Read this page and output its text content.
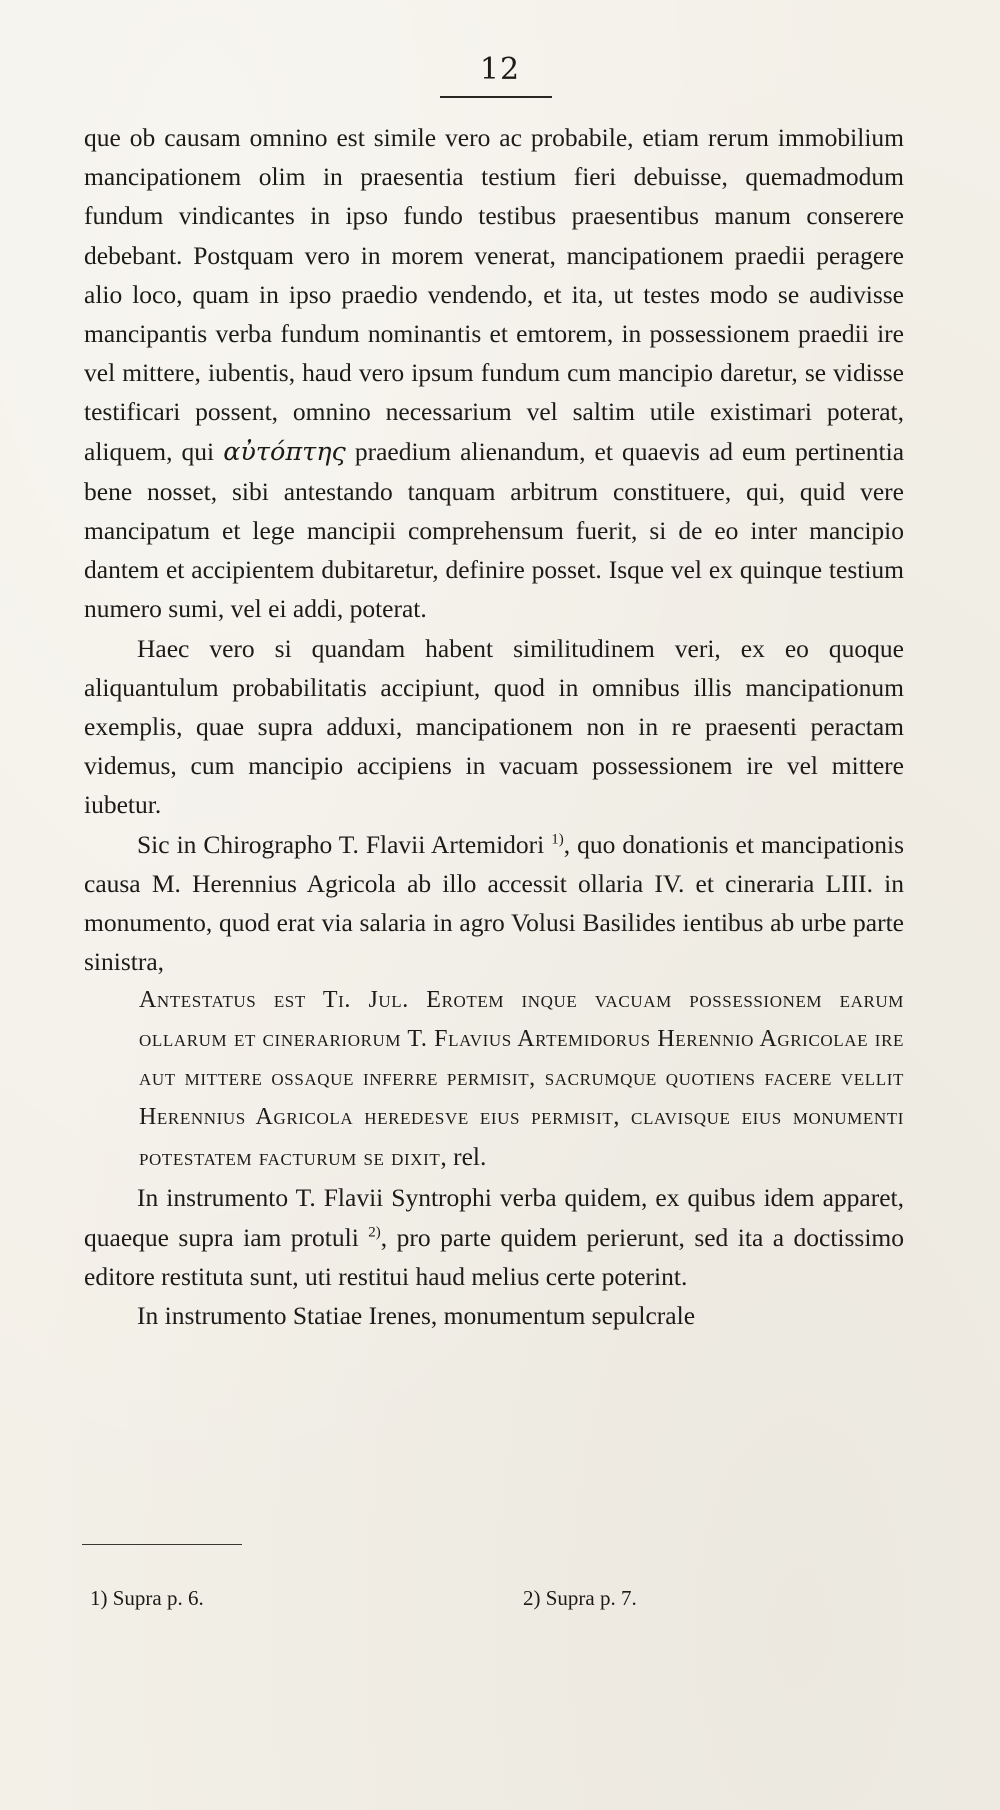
12

que ob causam omnino est simile vero ac probabile, etiam rerum immobilium mancipationem olim in praesentia testium fieri debuisse, quemadmodum fundum vindicantes in ipso fundo testibus praesentibus manum conserere debebant. Postquam vero in morem venerat, mancipationem praedii peragere alio loco, quam in ipso praedio vendendo, et ita, ut testes modo se audivisse mancipantis verba fundum nominantis et emtorem, in possessionem praedii ire vel mittere, iubentis, haud vero ipsum fundum cum mancipio daretur, se vidisse testificari possent, omnino necessarium vel saltim utile existimari poterat, aliquem, qui αὐτόπτης praedium alienandum, et quaevis ad eum pertinentia bene nosset, sibi antestando tanquam arbitrum constituere, qui, quid vere mancipatum et lege mancipii comprehensum fuerit, si de eo inter mancipio dantem et accipientem dubitaretur, definire posset. Isque vel ex quinque testium numero sumi, vel ei addi, poterat.

Haec vero si quandam habent similitudinem veri, ex eo quoque aliquantulum probabilitatis accipiunt, quod in omnibus illis mancipationum exemplis, quae supra adduxi, mancipationem non in re praesenti peractam videmus, cum mancipio accipiens in vacuam possessionem ire vel mittere iubetur.

Sic in Chirographo T. Flavii Artemidori $^{1)}$, quo donationis et mancipationis causa M. Herennius Agricola ab illo accessit ollaria IV. et cineraria LIII. in monumento, quod erat via salaria in agro Volusi Basilides ientibus ab urbe parte sinistra,

Antestatus est Ti. Jul. Erotem inque vacuam possessionem earum ollarum et cinerariorum T. Flavius Artemidorus Herennio Agricolae ire aut mittere ossaque inferre permisit, sacrumque quotiens facere vellit Herennius Agricola heredesve eius permisit, clavisque eius monumenti potestatem facturum se dixit, rel.

In instrumento T. Flavii Syntrophi verba quidem, ex quibus idem apparet, quaeque supra iam protuli $^{2)}$, pro parte quidem perierunt, sed ita a doctissimo editore restituta sunt, uti restitui haud melius certe poterint.

In instrumento Statiae Irenes, monumentum sepulcrale

1) Supra p. 6.	2) Supra p. 7.
